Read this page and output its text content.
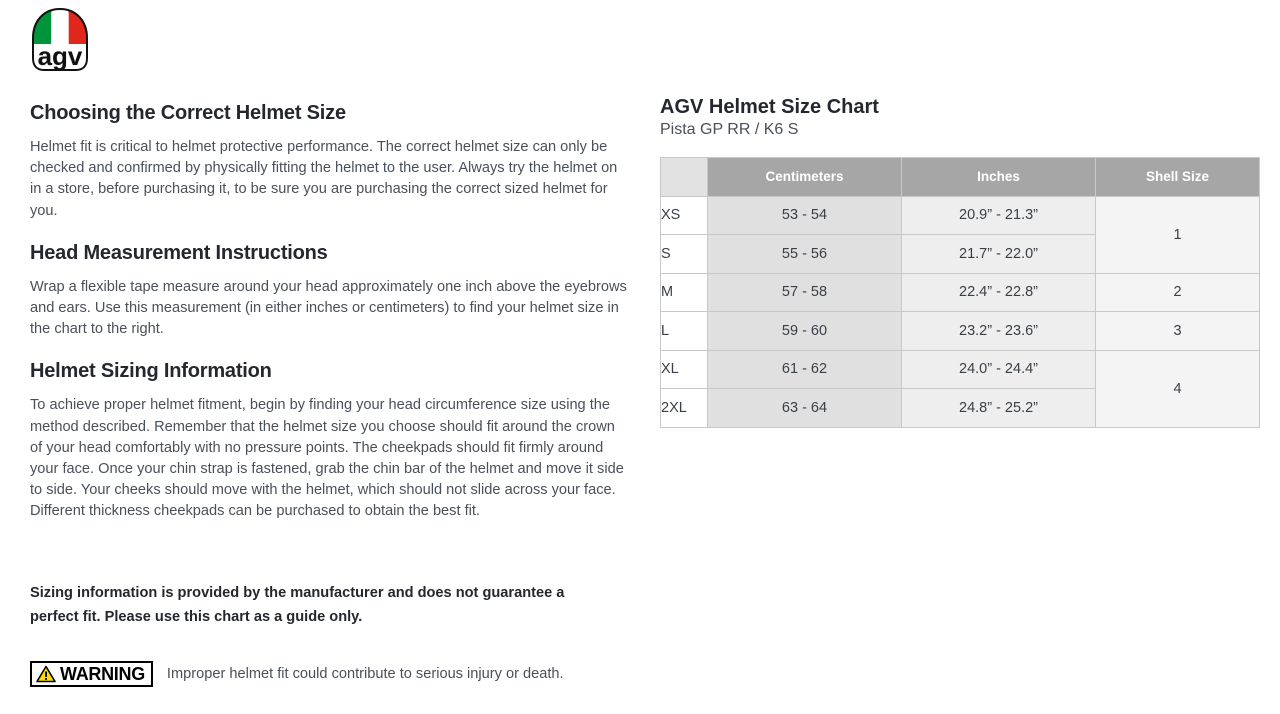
agv
Choosing the Correct Helmet Size

Helmet fit is critical to helmet protective performance. The correct helmet size can only be checked and confirmed by physically fitting the helmet to the user. Always try the helmet on in a store, before purchasing it, to be sure you are purchasing the correct sized helmet for you.

Head Measurement Instructions

Wrap a flexible tape measure around your head approximately one inch above the eyebrows and ears. Use this measurement (in either inches or centimeters) to find your helmet size in the chart to the right.

Helmet Sizing Information

To achieve proper helmet fitment, begin by finding your head circumference size using the method described. Remember that the helmet size you choose should fit around the crown of your head comfortably with no pressure points. The cheekpads should fit firmly around your face. Once your chin strap is fastened, grab the chin bar of the helmet and move it side to side. Your cheeks should move with the helmet, which should not slide across your face. Different thickness cheekpads can be purchased to obtain the best fit.

Sizing information is provided by the manufacturer and does not guarantee a perfect fit. Please use this chart as a guide only.

WARNING Improper helmet fit could contribute to serious injury or death.
AGV Helmet Size Chart
Pista GP RR / K6 S
	Centimeters	Inches	Shell Size
XS	53 - 54	20.9” - 21.3”	1
S	55 - 56	21.7” - 22.0”	
M	57 - 58	22.4” - 22.8”	2
L	59 - 60	23.2” - 23.6”	3
XL	61 - 62	24.0” - 24.4”	4
2XL	63 - 64	24.8” - 25.2”	
